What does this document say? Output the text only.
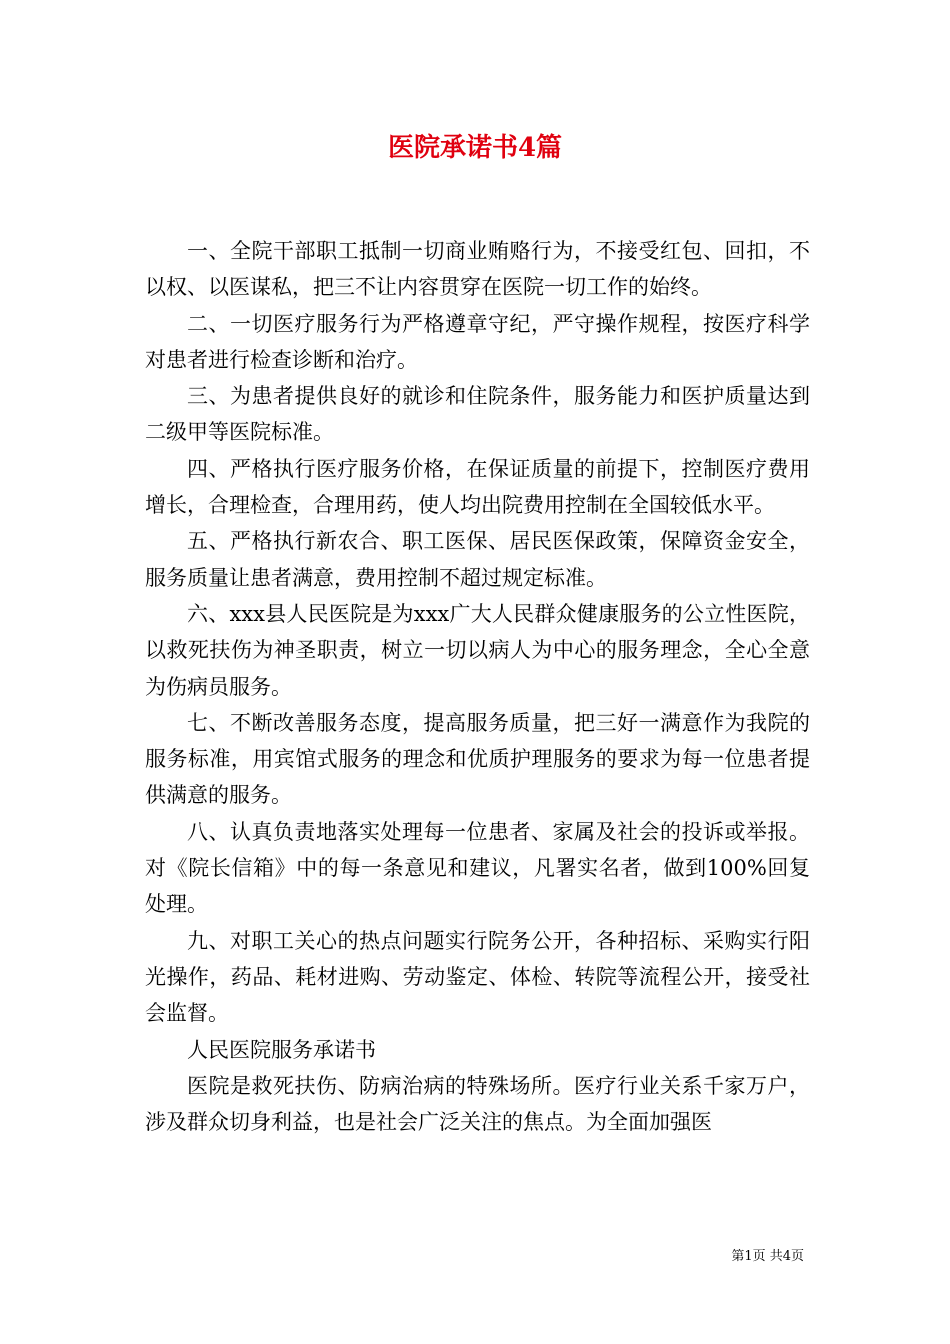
医院承诺书4篇

一、全院干部职工抵制一切商业贿赂行为，不接受红包、回扣，不以权、以医谋私，把三不让内容贯穿在医院一切工作的始终。

二、一切医疗服务行为严格遵章守纪，严守操作规程，按医疗科学对患者进行检查诊断和治疗。

三、为患者提供良好的就诊和住院条件，服务能力和医护质量达到二级甲等医院标准。

四、严格执行医疗服务价格，在保证质量的前提下，控制医疗费用增长，合理检查，合理用药，使人均出院费用控制在全国较低水平。

五、严格执行新农合、职工医保、居民医保政策，保障资金安全，服务质量让患者满意，费用控制不超过规定标准。

六、xxx县人民医院是为xxx广大人民群众健康服务的公立性医院，以救死扶伤为神圣职责，树立一切以病人为中心的服务理念，全心全意为伤病员服务。

七、不断改善服务态度，提高服务质量，把三好一满意作为我院的服务标准，用宾馆式服务的理念和优质护理服务的要求为每一位患者提供满意的服务。

八、认真负责地落实处理每一位患者、家属及社会的投诉或举报。对《院长信箱》中的每一条意见和建议，凡署实名者，做到100%回复处理。

九、对职工关心的热点问题实行院务公开，各种招标、采购实行阳光操作，药品、耗材进购、劳动鉴定、体检、转院等流程公开，接受社会监督。

人民医院服务承诺书

医院是救死扶伤、防病治病的特殊场所。医疗行业关系千家万户，涉及群众切身利益，也是社会广泛关注的焦点。为全面加强医

第1页 共4页
